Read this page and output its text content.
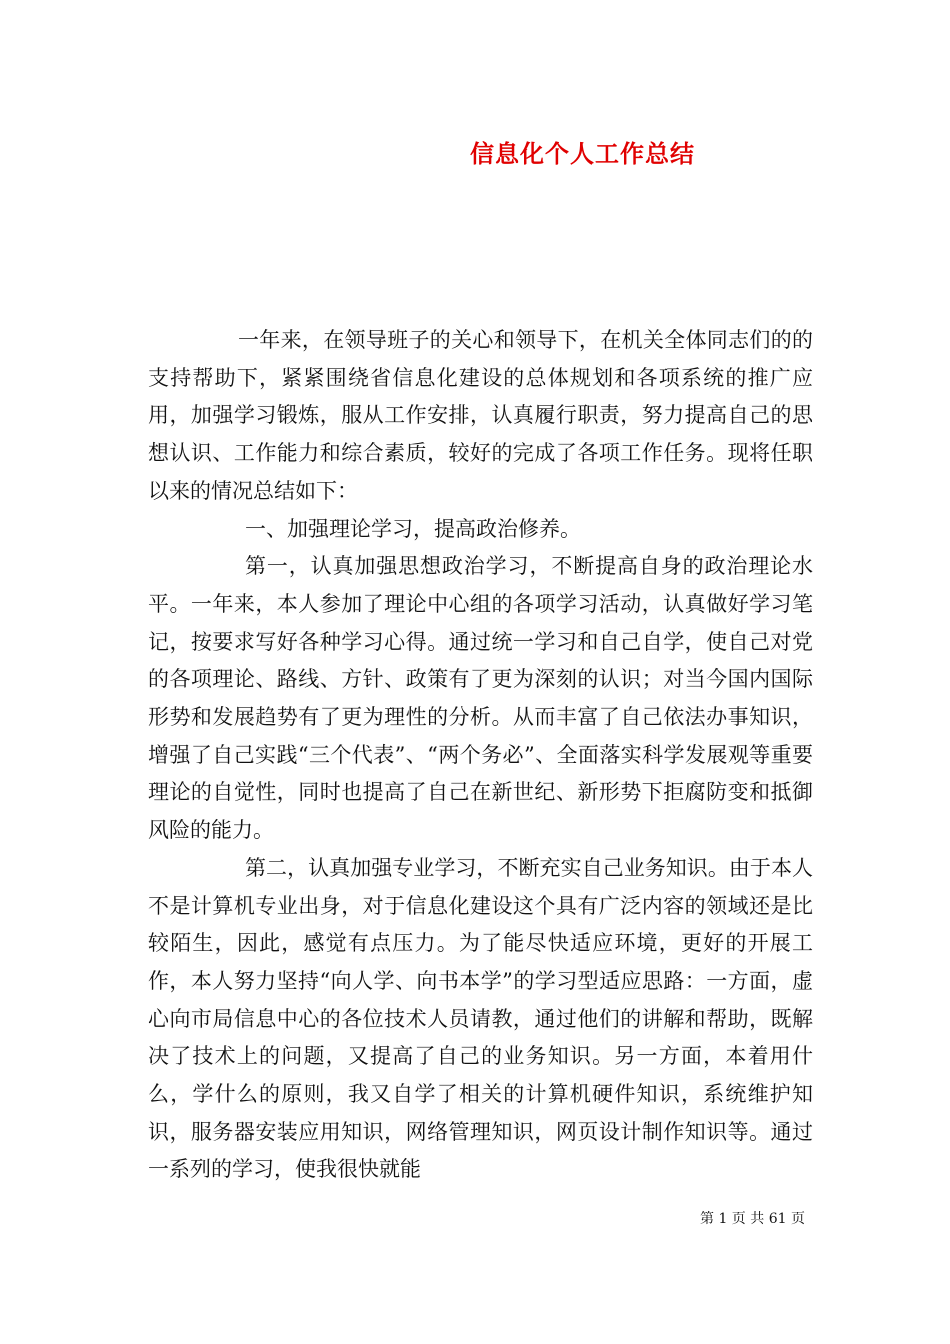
信息化个人工作总结

一年来，在领导班子的关心和领导下，在机关全体同志们的的支持帮助下，紧紧围绕省信息化建设的总体规划和各项系统的推广应用，加强学习锻炼，服从工作安排，认真履行职责，努力提高自己的思想认识、工作能力和综合素质，较好的完成了各项工作任务。现将任职以来的情况总结如下：

一、加强理论学习，提高政治修养。

第一，认真加强思想政治学习，不断提高自身的政治理论水平。一年来，本人参加了理论中心组的各项学习活动，认真做好学习笔记，按要求写好各种学习心得。通过统一学习和自己自学，使自己对党的各项理论、路线、方针、政策有了更为深刻的认识；对当今国内国际形势和发展趋势有了更为理性的分析。从而丰富了自己依法办事知识，增强了自己实践“三个代表”、“两个务必”、全面落实科学发展观等重要理论的自觉性，同时也提高了自己在新世纪、新形势下拒腐防变和抵御风险的能力。

第二，认真加强专业学习，不断充实自己业务知识。由于本人不是计算机专业出身，对于信息化建设这个具有广泛内容的领域还是比较陌生，因此，感觉有点压力。为了能尽快适应环境，更好的开展工作，本人努力坚持“向人学、向书本学”的学习型适应思路：一方面，虚心向市局信息中心的各位技术人员请教，通过他们的讲解和帮助，既解决了技术上的问题，又提高了自己的业务知识。另一方面，本着用什么，学什么的原则，我又自学了相关的计算机硬件知识，系统维护知识，服务器安装应用知识，网络管理知识，网页设计制作知识等。通过一系列的学习，使我很快就能

第 1 页 共 61 页
